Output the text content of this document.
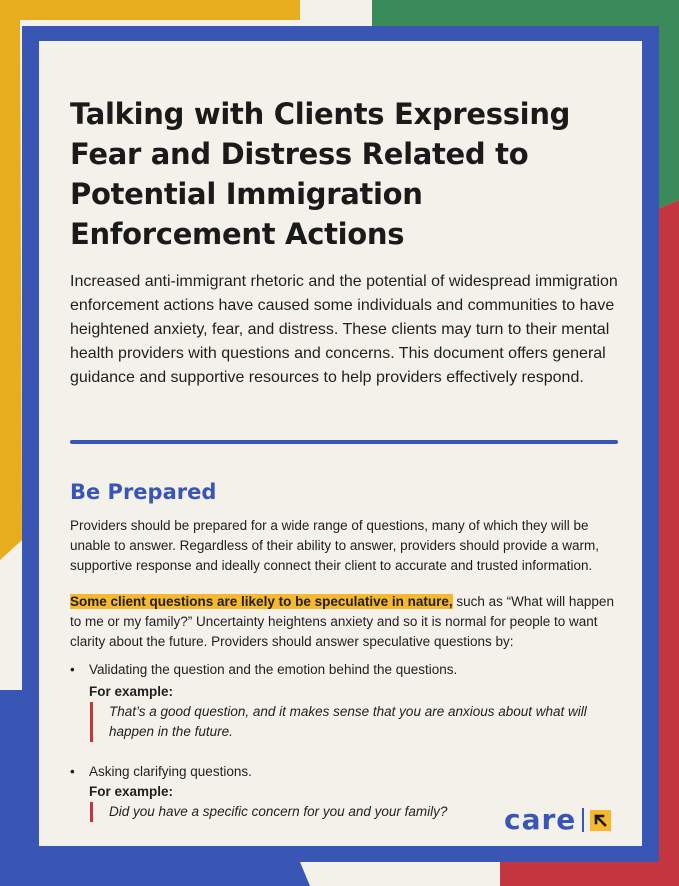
Talking with Clients Expressing Fear and Distress Related to Potential Immigration Enforcement Actions

Increased anti-immigrant rhetoric and the potential of widespread immigration enforcement actions have caused some individuals and communities to have heightened anxiety, fear, and distress. These clients may turn to their mental health providers with questions and concerns. This document offers general guidance and supportive resources to help providers effectively respond.

Be Prepared

Providers should be prepared for a wide range of questions, many of which they will be unable to answer. Regardless of their ability to answer, providers should provide a warm, supportive response and ideally connect their client to accurate and trusted information.

Some client questions are likely to be speculative in nature, such as “What will happen to me or my family?” Uncertainty heightens anxiety and so it is normal for people to want clarity about the future. Providers should answer speculative questions by:

• Validating the question and the emotion behind the questions.
For example:
That’s a good question, and it makes sense that you are anxious about what will happen in the future.
• Asking clarifying questions.
For example:
Did you have a specific concern for you and your family?	care
